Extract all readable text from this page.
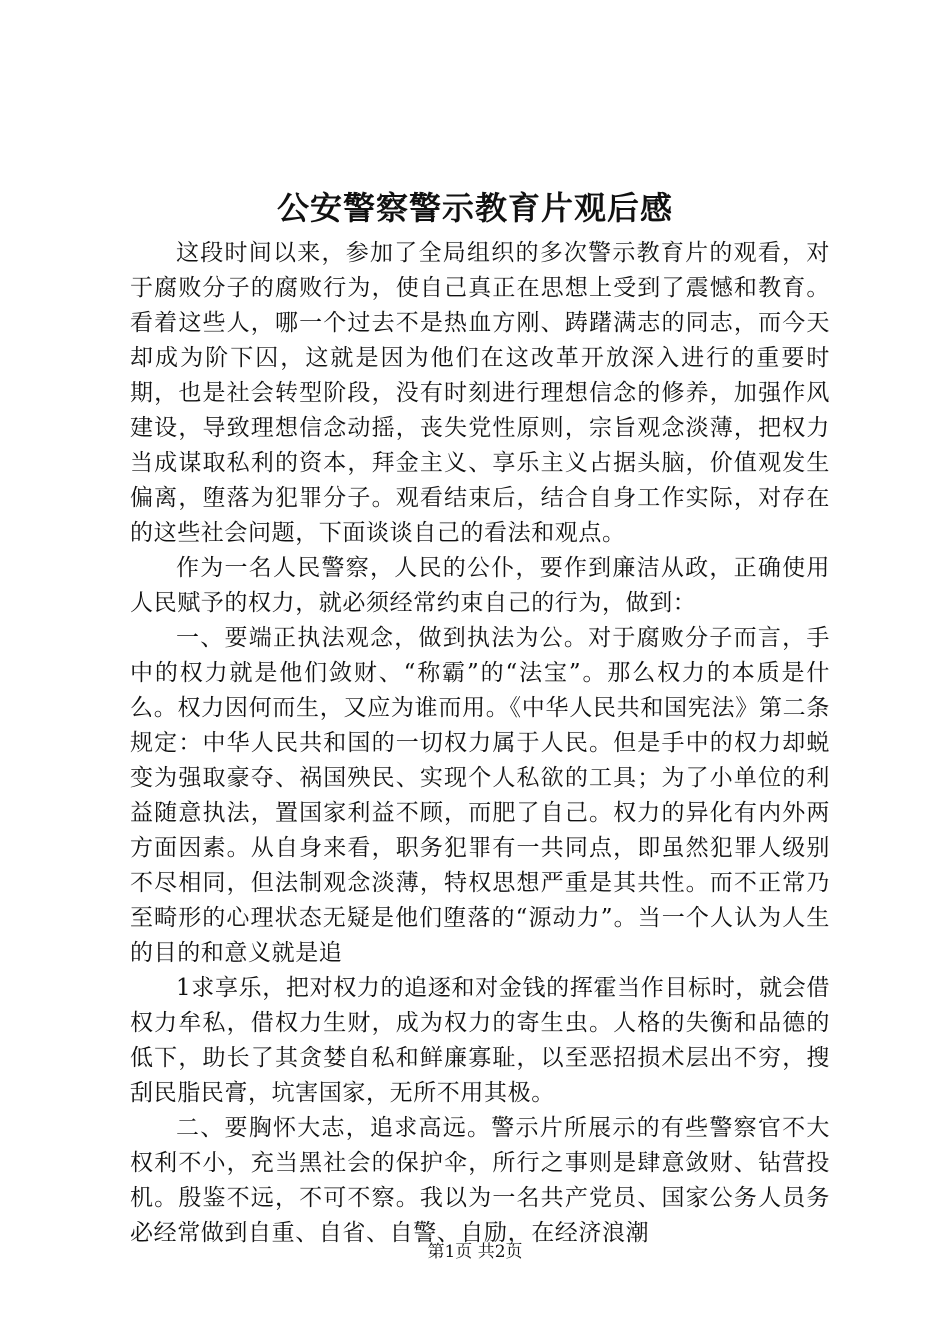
公安警察警示教育片观后感

这段时间以来，参加了全局组织的多次警示教育片的观看，对于腐败分子的腐败行为，使自己真正在思想上受到了震憾和教育。看着这些人，哪一个过去不是热血方刚、踌躇满志的同志，而今天却成为阶下囚，这就是因为他们在这改革开放深入进行的重要时期，也是社会转型阶段，没有时刻进行理想信念的修养，加强作风建设，导致理想信念动摇，丧失党性原则，宗旨观念淡薄，把权力当成谋取私利的资本，拜金主义、享乐主义占据头脑，价值观发生偏离，堕落为犯罪分子。观看结束后，结合自身工作实际，对存在的这些社会问题，下面谈谈自己的看法和观点。

作为一名人民警察，人民的公仆，要作到廉洁从政，正确使用人民赋予的权力，就必须经常约束自己的行为，做到：

一、要端正执法观念，做到执法为公。对于腐败分子而言，手中的权力就是他们敛财、“称霸”的“法宝”。那么权力的本质是什么。权力因何而生，又应为谁而用。《中华人民共和国宪法》第二条规定：中华人民共和国的一切权力属于人民。但是手中的权力却蜕变为强取豪夺、祸国殃民、实现个人私欲的工具；为了小单位的利益随意执法，置国家利益不顾，而肥了自己。权力的异化有内外两方面因素。从自身来看，职务犯罪有一共同点，即虽然犯罪人级别不尽相同，但法制观念淡薄，特权思想严重是其共性。而不正常乃至畸形的心理状态无疑是他们堕落的“源动力”。当一个人认为人生的目的和意义就是追

1求享乐，把对权力的追逐和对金钱的挥霍当作目标时，就会借权力牟私，借权力生财，成为权力的寄生虫。人格的失衡和品德的低下，助长了其贪婪自私和鲜廉寡耻，以至恶招损术层出不穷，搜刮民脂民膏，坑害国家，无所不用其极。

二、要胸怀大志，追求高远。警示片所展示的有些警察官不大权利不小，充当黑社会的保护伞，所行之事则是肆意敛财、钻营投机。殷鉴不远，不可不察。我以为一名共产党员、国家公务人员务必经常做到自重、自省、自警、自励，在经济浪潮

第1页 共2页
